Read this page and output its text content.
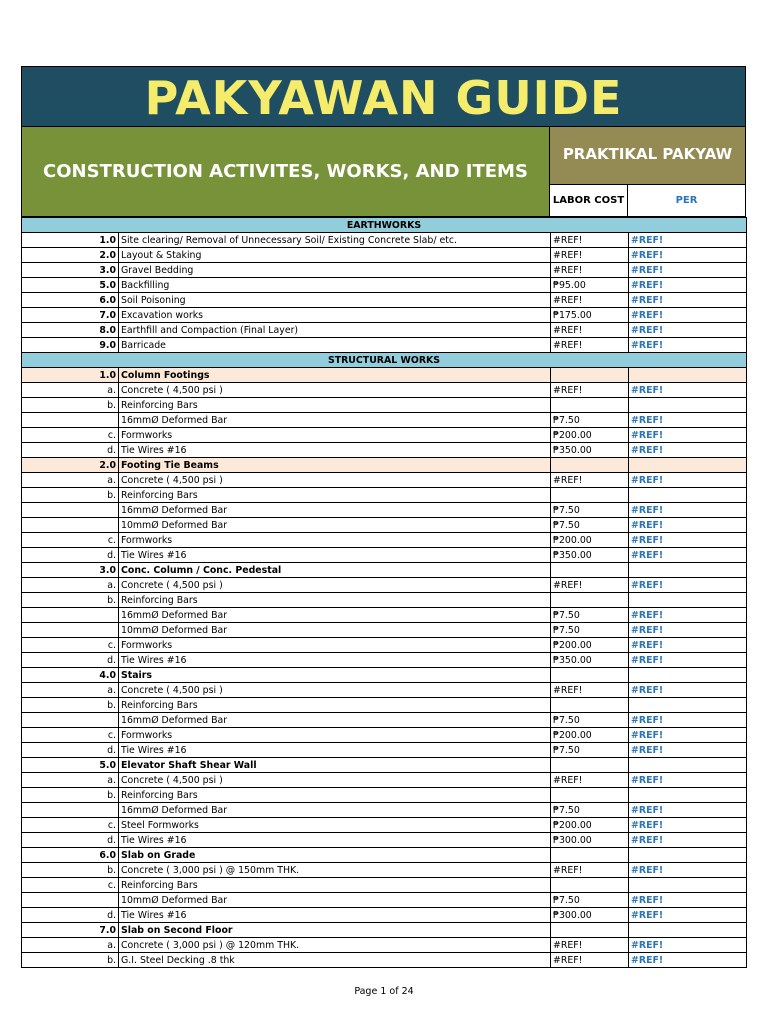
PAKYAWAN GUIDE
CONSTRUCTION ACTIVITES, WORKS, AND ITEMS
PRAKTIKAL PAKYAW
LABOR COST	PER
EARTHWORKS			
1.0	Site clearing/ Removal of Unnecessary Soil/ Existing Concrete Slab/ etc.	#REF!	#REF!
2.0	Layout & Staking	#REF!	#REF!
3.0	Gravel Bedding	#REF!	#REF!
5.0	Backfilling	₱95.00	#REF!
6.0	Soil Poisoning	#REF!	#REF!
7.0	Excavation works	₱175.00	#REF!
8.0	Earthfill and Compaction (Final Layer)	#REF!	#REF!
9.0	Barricade	#REF!	#REF!
STRUCTURAL WORKS			
1.0	Column Footings		
a.	Concrete ( 4,500 psi )	#REF!	#REF!
b.	Reinforcing Bars		
	16mmØ Deformed Bar	₱7.50	#REF!
c.	Formworks	₱200.00	#REF!
d.	Tie Wires #16	₱350.00	#REF!
2.0	Footing Tie Beams		
a.	Concrete ( 4,500 psi )	#REF!	#REF!
b.	Reinforcing Bars		
	16mmØ Deformed Bar	₱7.50	#REF!
	10mmØ Deformed Bar	₱7.50	#REF!
c.	Formworks	₱200.00	#REF!
d.	Tie Wires #16	₱350.00	#REF!
3.0	Conc. Column / Conc. Pedestal		
a.	Concrete ( 4,500 psi )	#REF!	#REF!
b.	Reinforcing Bars		
	16mmØ Deformed Bar	₱7.50	#REF!
	10mmØ Deformed Bar	₱7.50	#REF!
c.	Formworks	₱200.00	#REF!
d.	Tie Wires #16	₱350.00	#REF!
4.0	Stairs		
a.	Concrete ( 4,500 psi )	#REF!	#REF!
b.	Reinforcing Bars		
	16mmØ Deformed Bar	₱7.50	#REF!
c.	Formworks	₱200.00	#REF!
d.	Tie Wires #16	₱7.50	#REF!
5.0	Elevator Shaft Shear Wall		
a.	Concrete ( 4,500 psi )	#REF!	#REF!
b.	Reinforcing Bars		
	16mmØ Deformed Bar	₱7.50	#REF!
c.	Steel Formworks	₱200.00	#REF!
d.	Tie Wires #16	₱300.00	#REF!
6.0	Slab on Grade		
b.	Concrete ( 3,000 psi ) @ 150mm THK.	#REF!	#REF!
c.	Reinforcing Bars		
	10mmØ Deformed Bar	₱7.50	#REF!
d.	Tie Wires #16	₱300.00	#REF!
7.0	Slab on Second Floor		
a.	Concrete ( 3,000 psi ) @ 120mm THK.	#REF!	#REF!
b.	G.I. Steel Decking .8 thk	#REF!	#REF!
Page 1 of 24
